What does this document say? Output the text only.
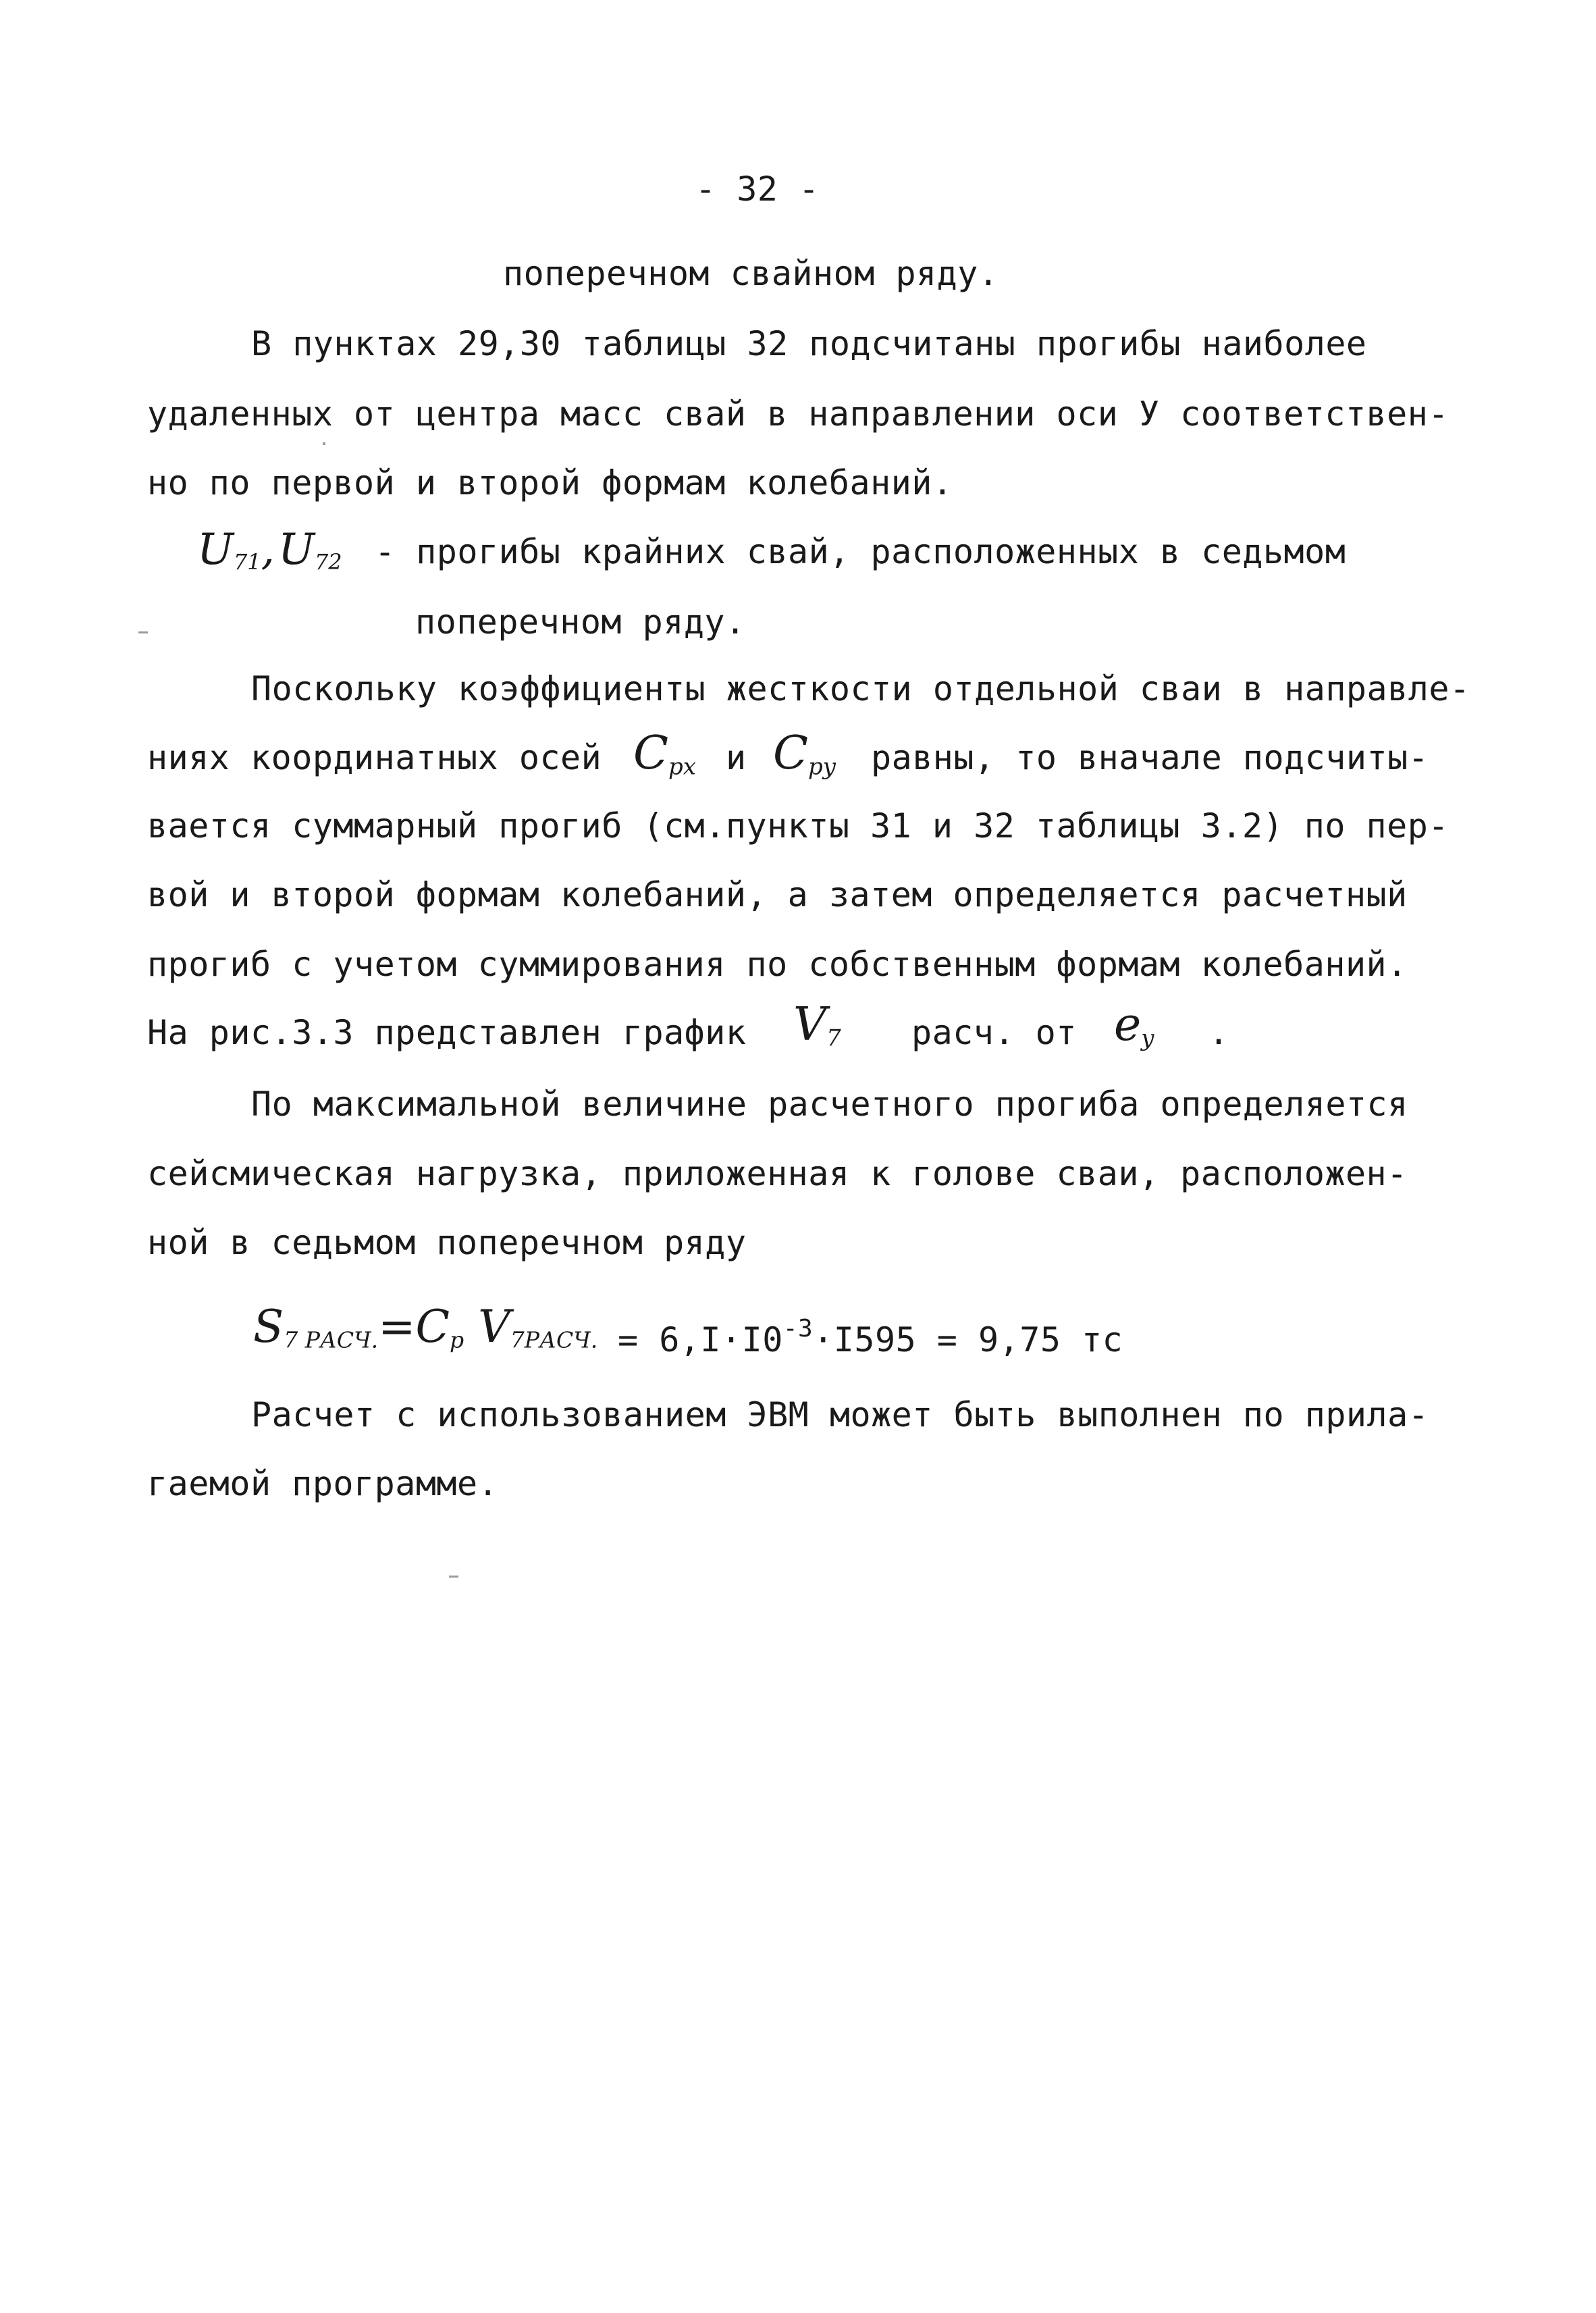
- 32 -
поперечном свайном ряду.
В пунктах 29,30 таблицы 32 подсчитаны прогибы наиболее
удаленных от центра масс свай в направлении оси У соответствен-
но по первой и второй формам колебаний.
$U_{71}$, $U_{72}$ - прогибы крайних свай, расположенных в седьмом
поперечном ряду.
Поскольку коэффициенты жесткости отдельной сваи в направле-
ниях координатных осей $C_{px}$ и $C_{py}$ равны, то вначале подсчиты-
вается суммарный прогиб (см.пункты 31 и 32 таблицы 3.2) по пер-
вой и второй формам колебаний, а затем определяется расчетный
прогиб с учетом суммирования по собственным формам колебаний.
На рис.3.3 представлен график $V_7$ расч. от $e_y$ .
По максимальной величине расчетного прогиба определяется
сейсмическая нагрузка, приложенная к голове сваи, расположен-
ной в седьмом поперечном ряду
$S_{7 РАСЧ.}=C_p$ $V_{7РАСЧ.} = 6,I\cdot I0^{-3}\cdot I595 = 9,75$ тс
Расчет с использованием ЭВМ может быть выполнен по прила-
гаемой программе.
